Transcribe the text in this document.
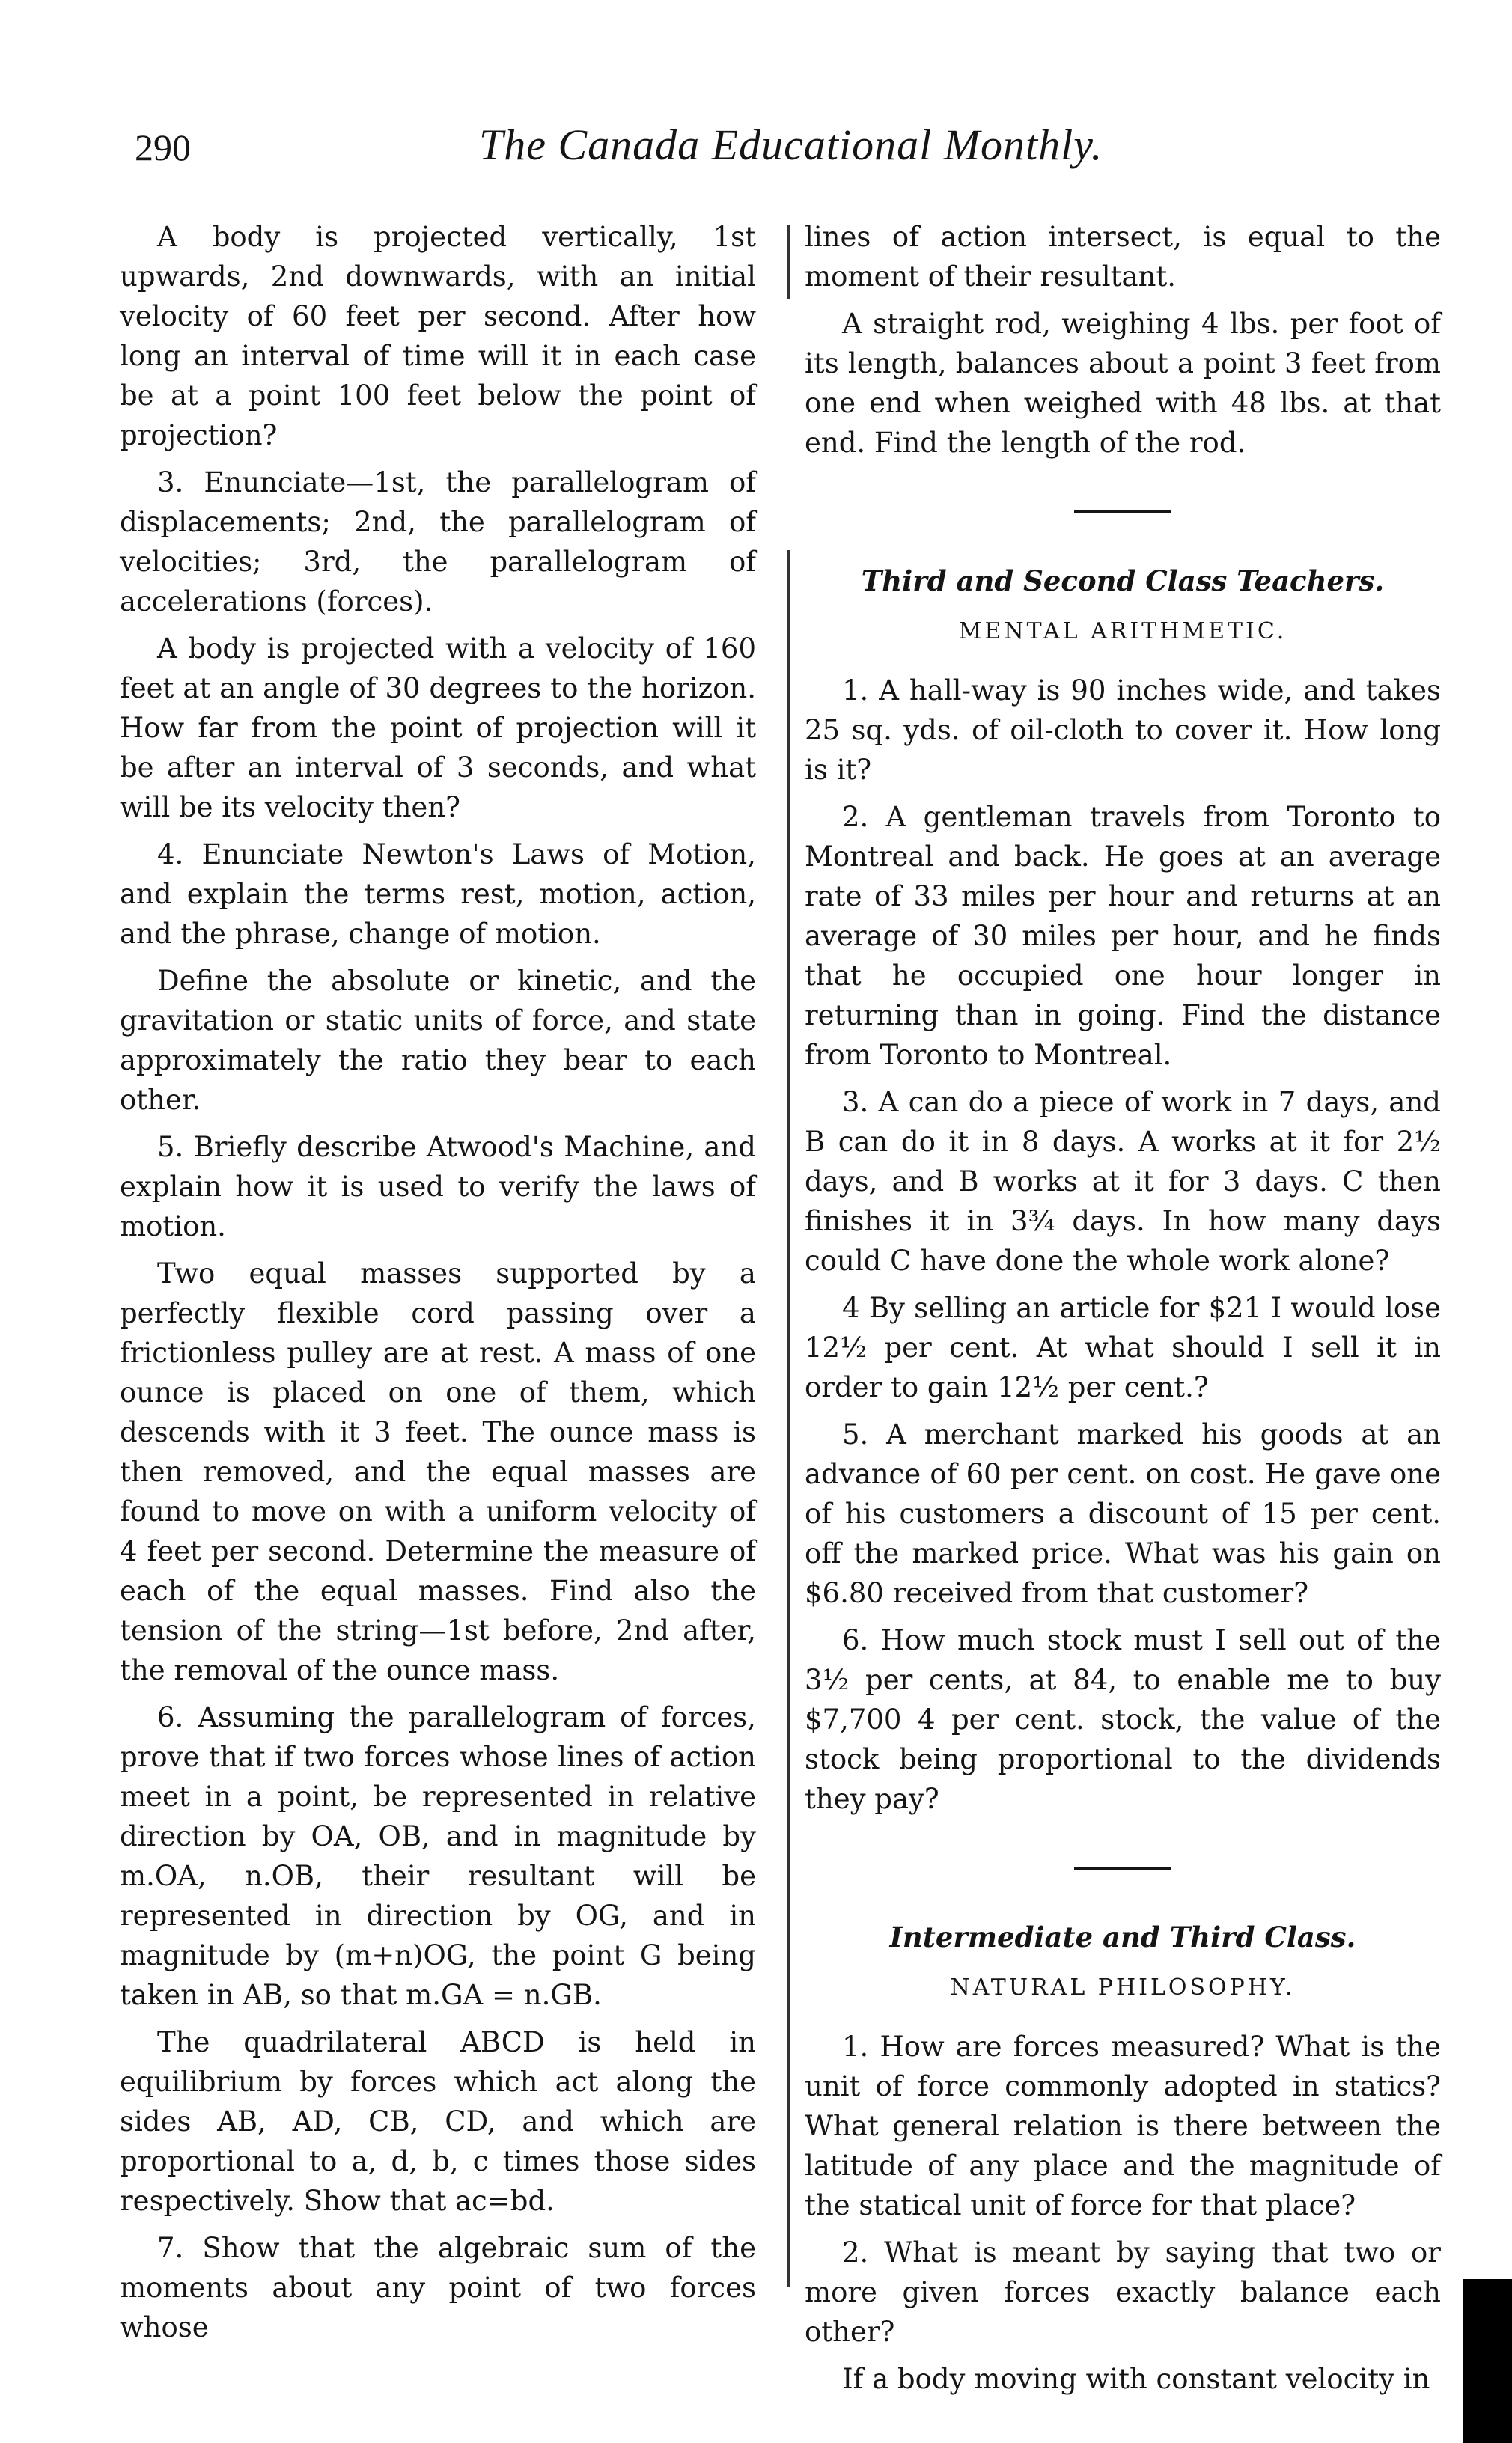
290	The Canada Educational Monthly.

A body is projected vertically, 1st upwards, 2nd downwards, with an initial velocity of 60 feet per second. After how long an interval of time will it in each case be at a point 100 feet below the point of projection?

3. Enunciate—1st, the parallelogram of displacements; 2nd, the parallelogram of velocities; 3rd, the parallelogram of accelerations (forces).

A body is projected with a velocity of 160 feet at an angle of 30 degrees to the horizon. How far from the point of projection will it be after an interval of 3 seconds, and what will be its velocity then?

4. Enunciate Newton's Laws of Motion, and explain the terms rest, motion, action, and the phrase, change of motion.

Define the absolute or kinetic, and the gravitation or static units of force, and state approximately the ratio they bear to each other.

5. Briefly describe Atwood's Machine, and explain how it is used to verify the laws of motion.

Two equal masses supported by a perfectly flexible cord passing over a frictionless pulley are at rest. A mass of one ounce is placed on one of them, which descends with it 3 feet. The ounce mass is then removed, and the equal masses are found to move on with a uniform velocity of 4 feet per second. Determine the measure of each of the equal masses. Find also the tension of the string—1st before, 2nd after, the removal of the ounce mass.

6. Assuming the parallelogram of forces, prove that if two forces whose lines of action meet in a point, be represented in relative direction by OA, OB, and in magnitude by m.OA, n.OB, their resultant will be represented in direction by OG, and in magnitude by (m+n)OG, the point G being taken in AB, so that m.GA = n.GB.

The quadrilateral ABCD is held in equilibrium by forces which act along the sides AB, AD, CB, CD, and which are proportional to a, d, b, c times those sides respectively. Show that ac=bd.

7. Show that the algebraic sum of the moments about any point of two forces whose

lines of action intersect, is equal to the moment of their resultant.

A straight rod, weighing 4 lbs. per foot of its length, balances about a point 3 feet from one end when weighed with 48 lbs. at that end. Find the length of the rod.

Third and Second Class Teachers.
MENTAL ARITHMETIC.

1. A hall-way is 90 inches wide, and takes 25 sq. yds. of oil-cloth to cover it. How long is it?

2. A gentleman travels from Toronto to Montreal and back. He goes at an average rate of 33 miles per hour and returns at an average of 30 miles per hour, and he finds that he occupied one hour longer in returning than in going. Find the distance from Toronto to Montreal.

3. A can do a piece of work in 7 days, and B can do it in 8 days. A works at it for 2½ days, and B works at it for 3 days. C then finishes it in 3¾ days. In how many days could C have done the whole work alone?

4 By selling an article for $21 I would lose 12½ per cent. At what should I sell it in order to gain 12½ per cent.?

5. A merchant marked his goods at an advance of 60 per cent. on cost. He gave one of his customers a discount of 15 per cent. off the marked price. What was his gain on $6.80 received from that customer?

6. How much stock must I sell out of the 3½ per cents, at 84, to enable me to buy $7,700 4 per cent. stock, the value of the stock being proportional to the dividends they pay?

Intermediate and Third Class.
NATURAL PHILOSOPHY.

1. How are forces measured? What is the unit of force commonly adopted in statics? What general relation is there between the latitude of any place and the magnitude of the statical unit of force for that place?

2. What is meant by saying that two or more given forces exactly balance each other?

If a body moving with constant velocity in
